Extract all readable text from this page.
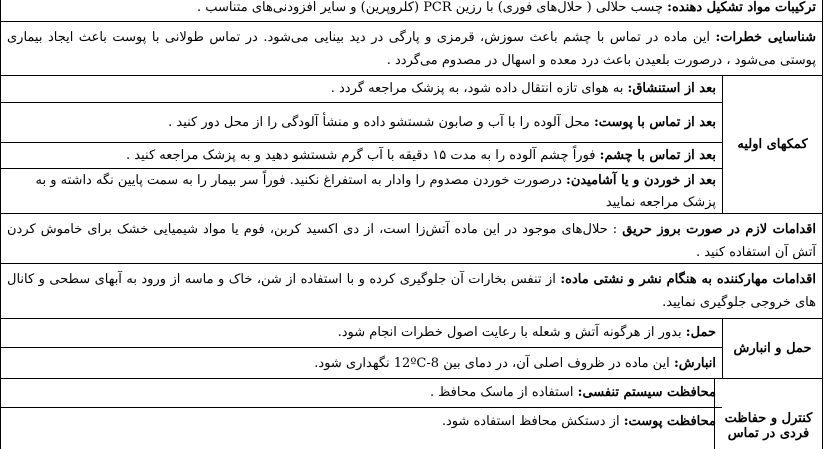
ترکیبات مواد تشکیل دهنده: چسب حلالی ( حلال‌های فوری) با رزین PCR (کلروپرین) و سایر افزودنی‌های متناسب .
شناسایی خطرات: این ماده در تماس با چشم باعث سوزش، قرمزی و پارگی در دید بینایی می‌شود. در تماس طولانی با پوست باعث ایجاد بیماری پوستی می‌شود ، درصورت بلعیدن باعث درد معده و اسهال در مصدوم می‌گردد .
کمکهای اولیه
بعد از استنشاق: به هوای تازه انتقال داده شود، به پزشک مراجعه گردد .
بعد از تماس با پوست: محل آلوده را با آب و صابون شستشو داده و منشأ آلودگی را از محل دور کنید .
بعد از تماس با چشم: فوراً چشم آلوده را به مدت ۱۵ دقیقه با آب گرم شستشو دهید و به پزشک مراجعه کنید .
بعد از خوردن و یا آشامیدن: درصورت خوردن مصدوم را وادار به استفراغ نکنید. فوراً سر بیمار را به سمت پایین نگه داشته و به پزشک مراجعه نمایید
اقدامات لازم در صورت بروز حریق : حلال‌های موجود در این ماده آتش‌زا است، از دی اکسید کربن، فوم یا مواد شیمیایی خشک برای خاموش کردن آتش آن استفاده کنید .
اقدامات مهارکننده به هنگام نشر و نشتی ماده: از تنفس بخارات آن جلوگیری کرده و با استفاده از شن، خاک و ماسه از ورود به آبهای سطحی و کانال های خروجی جلوگیری نمایید.
حمل و انبارش
حمل: بدور از هرگونه آتش و شعله با رعایت اصول خطرات انجام شود.
انبارش: این ماده در ظروف اصلی آن، در دمای بین 8-12ºC نگهداری شود.
کنترل و حفاظت فردی در تماس
محافظت سیستم تنفسی: استفاده از ماسک محافظ .
محافظت پوست: از دستکش محافظ استفاده شود.
